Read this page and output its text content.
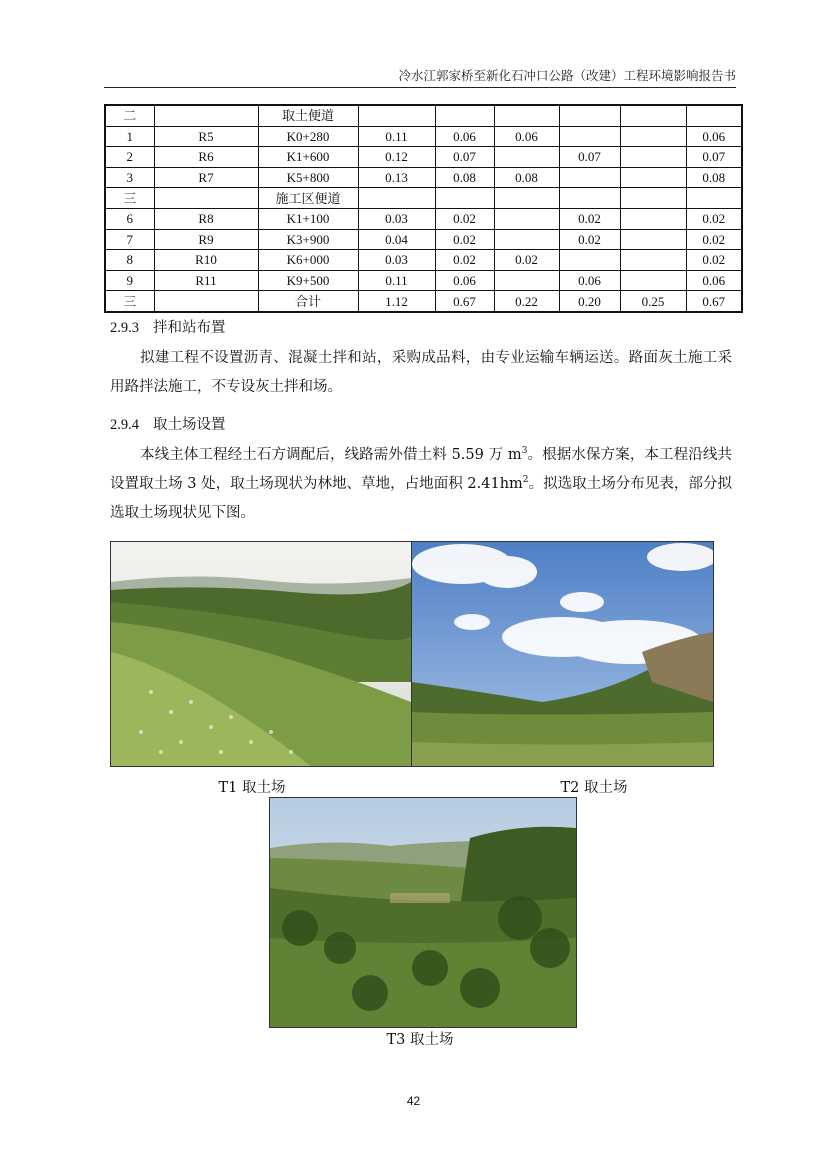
冷水江郭家桥至新化石冲口公路（改建）工程环境影响报告书
二		取土便道						
1	R5	K0+280	0.11	0.06	0.06			0.06
2	R6	K1+600	0.12	0.07		0.07		0.07
3	R7	K5+800	0.13	0.08	0.08			0.08
三		施工区便道						
6	R8	K1+100	0.03	0.02		0.02		0.02
7	R9	K3+900	0.04	0.02		0.02		0.02
8	R10	K6+000	0.03	0.02	0.02			0.02
9	R11	K9+500	0.11	0.06		0.06		0.06
三		合计	1.12	0.67	0.22	0.20	0.25	0.67
2.9.3 拌和站布置

拟建工程不设置沥青、混凝土拌和站，采购成品料，由专业运输车辆运送。路面灰土施工采用路拌法施工，不专设灰土拌和场。

2.9.4 取土场设置

本线主体工程经土石方调配后，线路需外借土料 5.59 万 $m^3$。根据水保方案，本工程沿线共设置取土场 3 处，取土场现状为林地、草地，占地面积 $2.41hm^2$。拟选取土场分布见表，部分拟选取土场现状见下图。

T1 取土场	T2 取土场
T3 取土场
42
